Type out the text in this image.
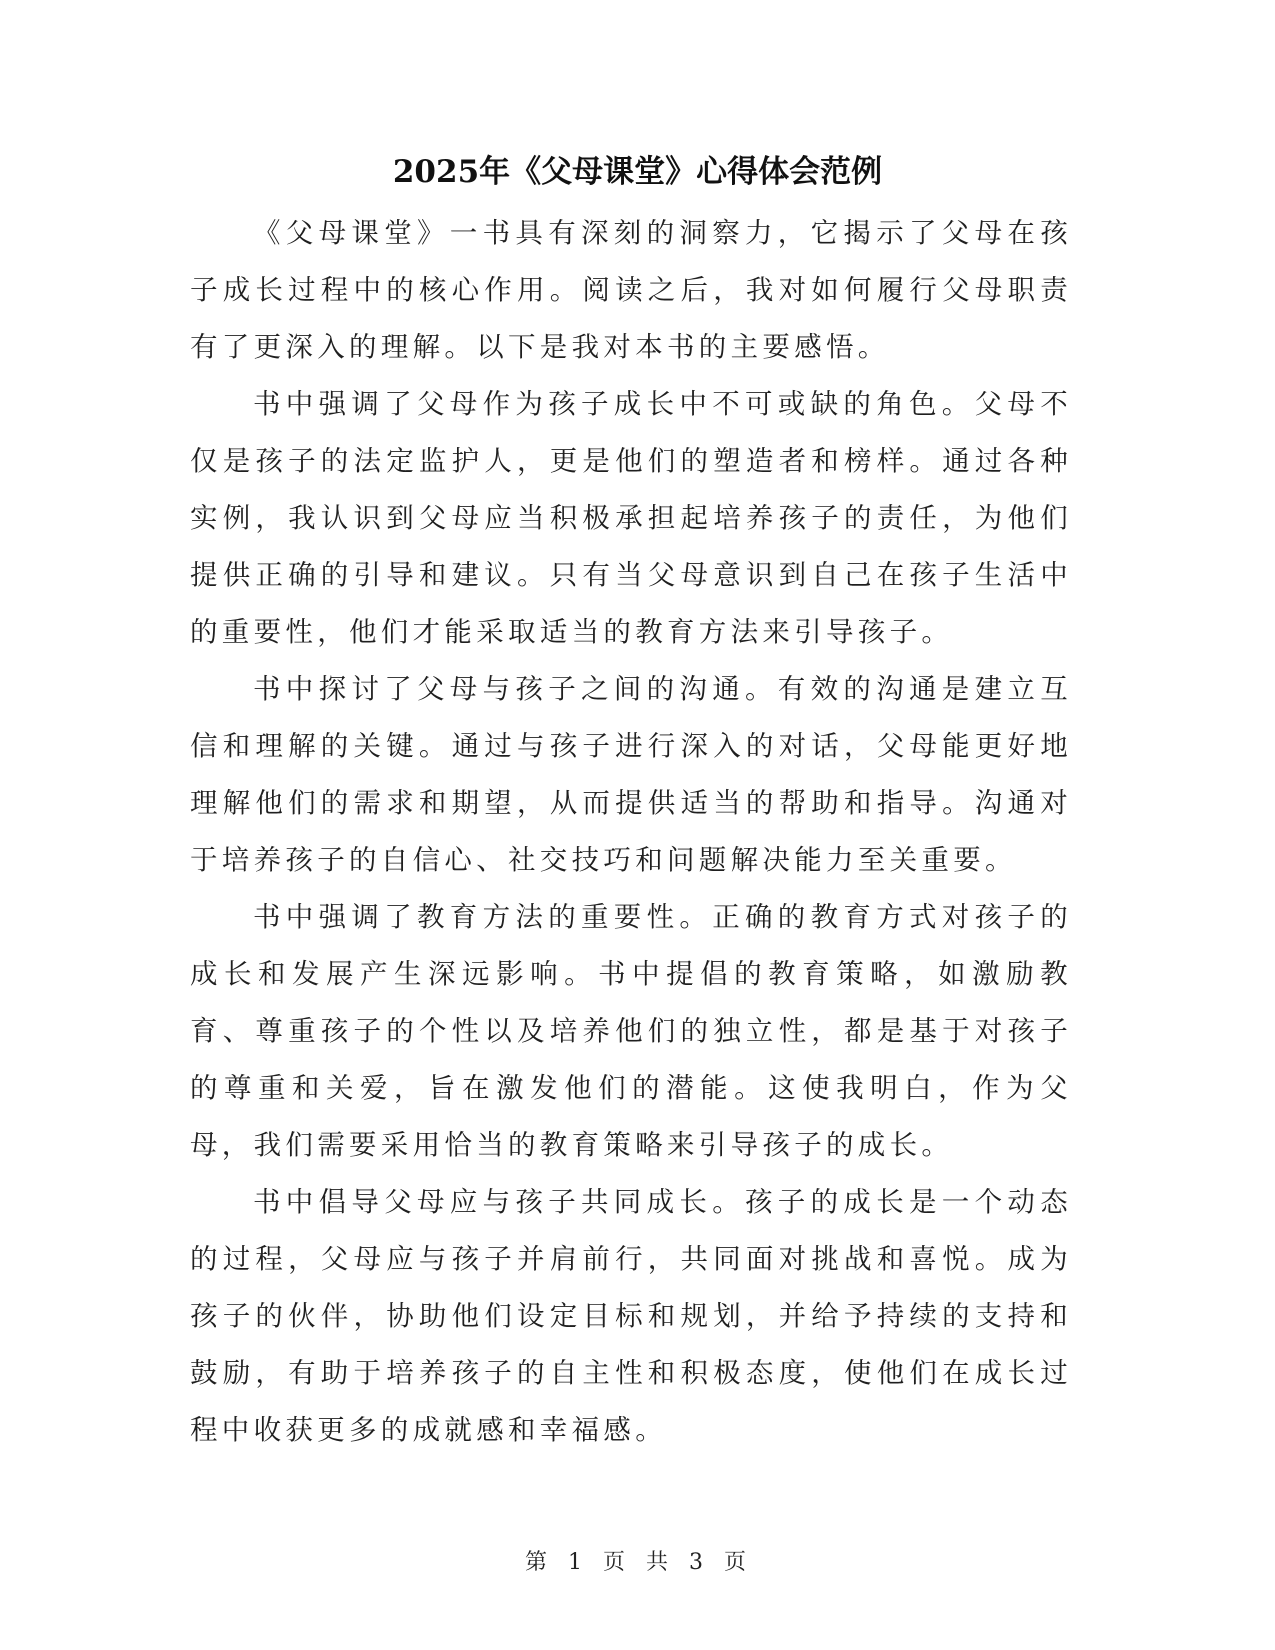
2025年《父母课堂》心得体会范例

《父母课堂》一书具有深刻的洞察力，它揭示了父母在孩子成长过程中的核心作用。阅读之后，我对如何履行父母职责有了更深入的理解。以下是我对本书的主要感悟。

书中强调了父母作为孩子成长中不可或缺的角色。父母不仅是孩子的法定监护人，更是他们的塑造者和榜样。通过各种实例，我认识到父母应当积极承担起培养孩子的责任，为他们提供正确的引导和建议。只有当父母意识到自己在孩子生活中的重要性，他们才能采取适当的教育方法来引导孩子。

书中探讨了父母与孩子之间的沟通。有效的沟通是建立互信和理解的关键。通过与孩子进行深入的对话，父母能更好地理解他们的需求和期望，从而提供适当的帮助和指导。沟通对于培养孩子的自信心、社交技巧和问题解决能力至关重要。

书中强调了教育方法的重要性。正确的教育方式对孩子的成长和发展产生深远影响。书中提倡的教育策略，如激励教育、尊重孩子的个性以及培养他们的独立性，都是基于对孩子的尊重和关爱，旨在激发他们的潜能。这使我明白，作为父母，我们需要采用恰当的教育策略来引导孩子的成长。

书中倡导父母应与孩子共同成长。孩子的成长是一个动态的过程，父母应与孩子并肩前行，共同面对挑战和喜悦。成为孩子的伙伴，协助他们设定目标和规划，并给予持续的支持和鼓励，有助于培养孩子的自主性和积极态度，使他们在成长过程中收获更多的成就感和幸福感。

第 1 页 共 3 页
